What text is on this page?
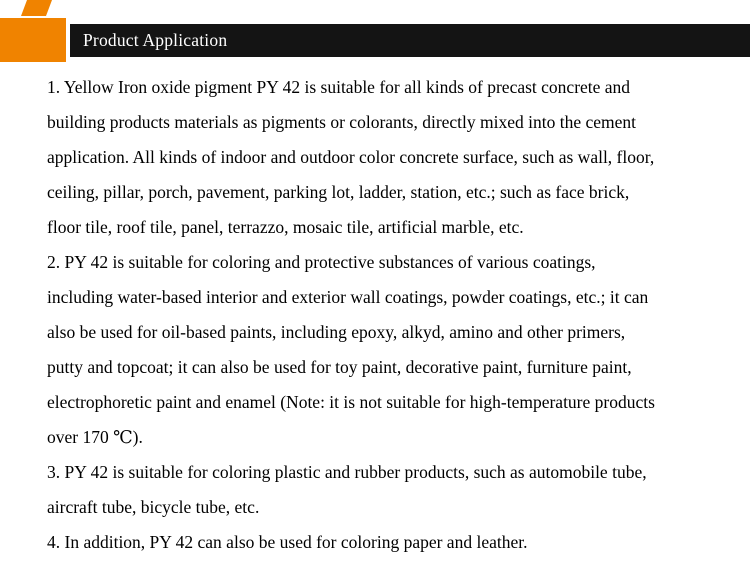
Product Application
1. Yellow Iron oxide pigment PY 42 is suitable for all kinds of precast concrete and
building products materials as pigments or colorants, directly mixed into the cement
application. All kinds of indoor and outdoor color concrete surface, such as wall, floor,
ceiling, pillar, porch, pavement, parking lot, ladder, station, etc.; such as face brick,
floor tile, roof tile, panel, terrazzo, mosaic tile, artificial marble, etc.
2. PY 42 is suitable for coloring and protective substances of various coatings,
including water-based interior and exterior wall coatings, powder coatings, etc.; it can
also be used for oil-based paints, including epoxy, alkyd, amino and other primers,
putty and topcoat; it can also be used for toy paint, decorative paint, furniture paint,
electrophoretic paint and enamel (Note: it is not suitable for high-temperature products
over 170 ℃).
3. PY 42 is suitable for coloring plastic and rubber products, such as automobile tube,
aircraft tube, bicycle tube, etc.
4. In addition, PY 42 can also be used for coloring paper and leather.
